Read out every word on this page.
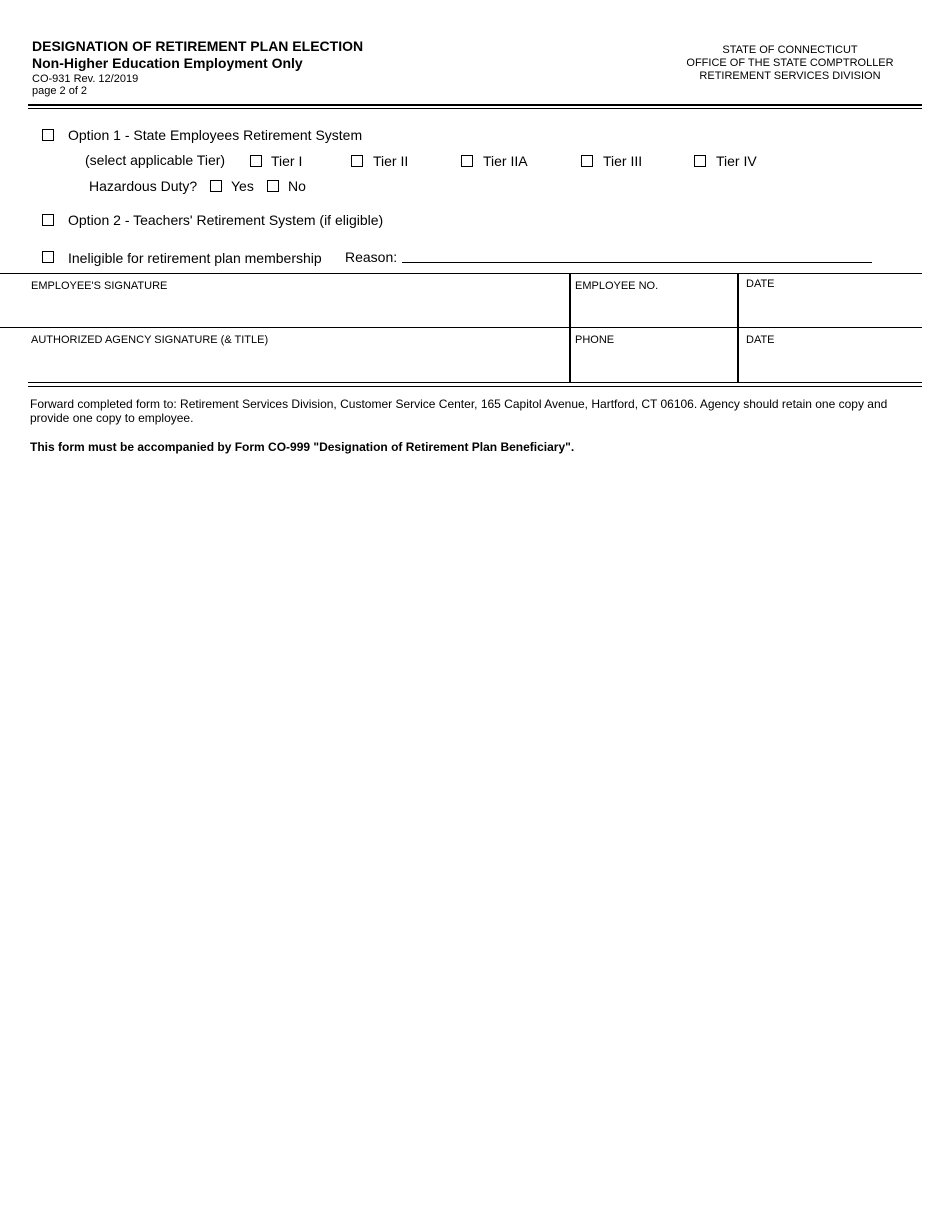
DESIGNATION OF RETIREMENT PLAN ELECTION
Non-Higher Education Employment Only
CO-931 Rev. 12/2019
page 2 of 2
STATE OF CONNECTICUT
OFFICE OF THE STATE COMPTROLLER
RETIREMENT SERVICES DIVISION
Option 1 - State Employees Retirement System
(select applicable Tier)	Tier I	Tier II	Tier IIA	Tier III	Tier IV
Hazardous Duty? Yes No
Option 2 - Teachers' Retirement System (if eligible)
Ineligible for retirement plan membership Reason:
EMPLOYEE'S SIGNATURE	EMPLOYEE NO.	DATE
AUTHORIZED AGENCY SIGNATURE (& TITLE)	PHONE	DATE
Forward completed form to: Retirement Services Division, Customer Service Center, 165 Capitol Avenue, Hartford, CT 06106. Agency should retain one copy and provide one copy to employee.
This form must be accompanied by Form CO-999 "Designation of Retirement Plan Beneficiary".
